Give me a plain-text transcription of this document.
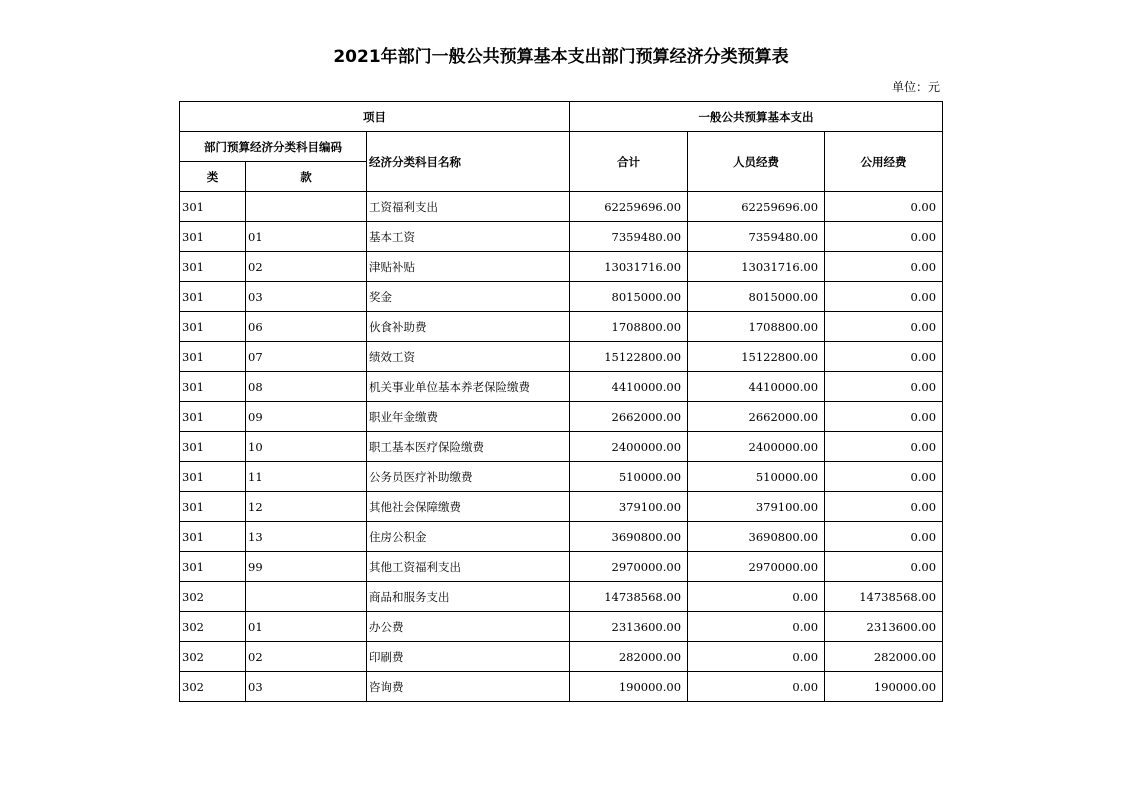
2021年部门一般公共预算基本支出部门预算经济分类预算表
单位：元
项目			一般公共预算基本支出		
部门预算经济分类科目编码		经济分类科目名称	合计	人员经费	公用经费
类	款				
301		工资福利支出	62259696.00	62259696.00	0.00
301	01	基本工资	7359480.00	7359480.00	0.00
301	02	津贴补贴	13031716.00	13031716.00	0.00
301	03	奖金	8015000.00	8015000.00	0.00
301	06	伙食补助费	1708800.00	1708800.00	0.00
301	07	绩效工资	15122800.00	15122800.00	0.00
301	08	机关事业单位基本养老保险缴费	4410000.00	4410000.00	0.00
301	09	职业年金缴费	2662000.00	2662000.00	0.00
301	10	职工基本医疗保险缴费	2400000.00	2400000.00	0.00
301	11	公务员医疗补助缴费	510000.00	510000.00	0.00
301	12	其他社会保障缴费	379100.00	379100.00	0.00
301	13	住房公积金	3690800.00	3690800.00	0.00
301	99	其他工资福利支出	2970000.00	2970000.00	0.00
302		商品和服务支出	14738568.00	0.00	14738568.00
302	01	办公费	2313600.00	0.00	2313600.00
302	02	印刷费	282000.00	0.00	282000.00
302	03	咨询费	190000.00	0.00	190000.00
